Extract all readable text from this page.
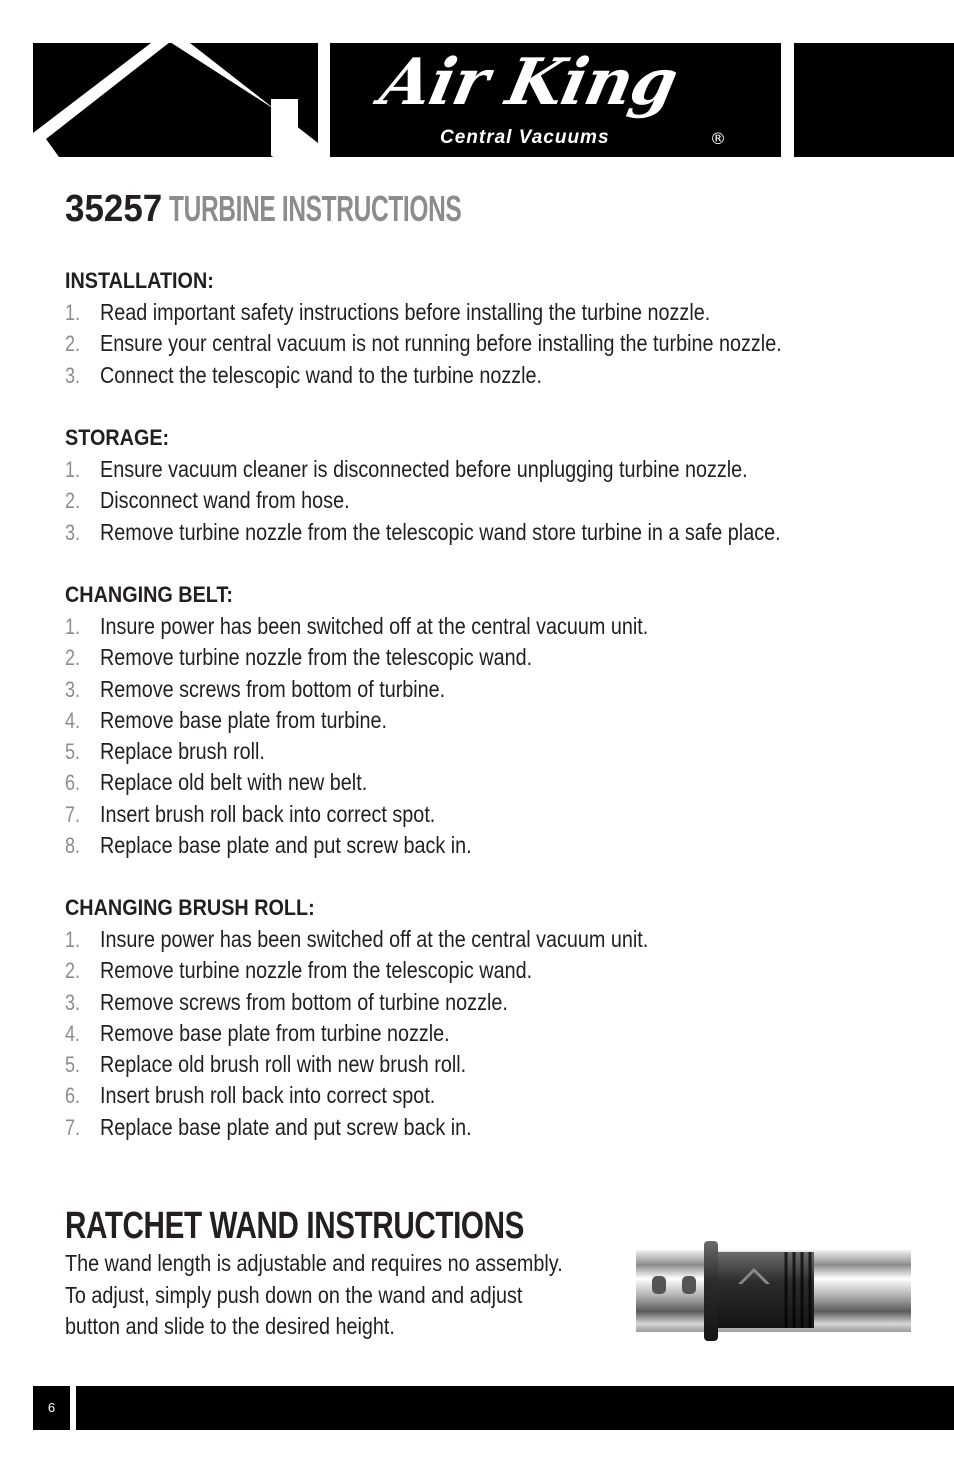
Air King
Central Vacuums	®
35257 TURBINE INSTRUCTIONS
INSTALLATION:
1. Read important safety instructions before installing the turbine nozzle.
2. Ensure your central vacuum is not running before installing the turbine nozzle.
3. Connect the telescopic wand to the turbine nozzle.
STORAGE:
1. Ensure vacuum cleaner is disconnected before unplugging turbine nozzle.
2. Disconnect wand from hose.
3. Remove turbine nozzle from the telescopic wand store turbine in a safe place.
CHANGING BELT:
1. Insure power has been switched off at the central vacuum unit.
2. Remove turbine nozzle from the telescopic wand.
3. Remove screws from bottom of turbine.
4. Remove base plate from turbine.
5. Replace brush roll.
6. Replace old belt with new belt.
7. Insert brush roll back into correct spot.
8. Replace base plate and put screw back in.
CHANGING BRUSH ROLL:
1. Insure power has been switched off at the central vacuum unit.
2. Remove turbine nozzle from the telescopic wand.
3. Remove screws from bottom of turbine nozzle.
4. Remove base plate from turbine nozzle.
5. Replace old brush roll with new brush roll.
6. Insert brush roll back into correct spot.
7. Replace base plate and put screw back in.
RATCHET WAND INSTRUCTIONS
The wand length is adjustable and requires no assembly.
To adjust, simply push down on the wand and adjust
button and slide to the desired height.
6
